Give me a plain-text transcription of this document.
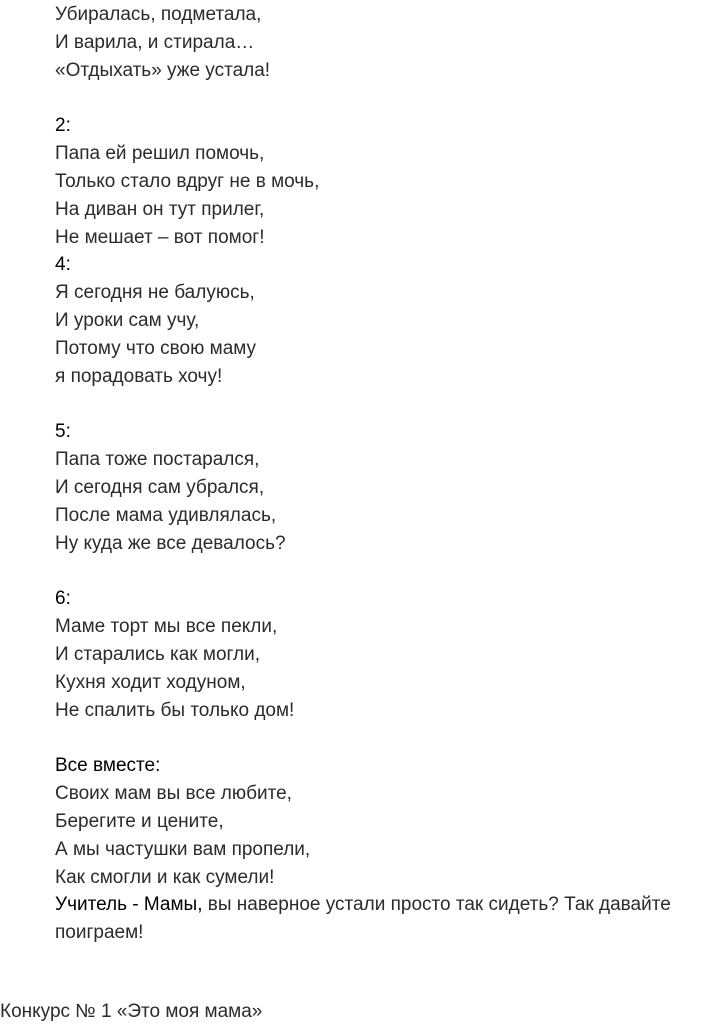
Убиралась, подметала,
И варила, и стирала…
«Отдыхать» уже устала!
2:
Папа ей решил помочь,
Только стало вдруг не в мочь,
На диван он тут прилег,
Не мешает – вот помог!
4:
Я сегодня не балуюсь,
И уроки сам учу,
Потому что свою маму
я порадовать хочу!
5:
Папа тоже постарался,
И сегодня сам убрался,
После мама удивлялась,
Ну куда же все девалось?
6:
Маме торт мы все пекли,
И старались как могли,
Кухня ходит ходуном,
Не спалить бы только дом!
Все вместе:
Своих мам вы все любите,
Берегите и цените,
А мы частушки вам пропели,
Как смогли и как сумели!
Учитель - Мамы, вы наверное устали просто так сидеть? Так давайте
поиграем!
Конкурс № 1 «Это моя мама»
